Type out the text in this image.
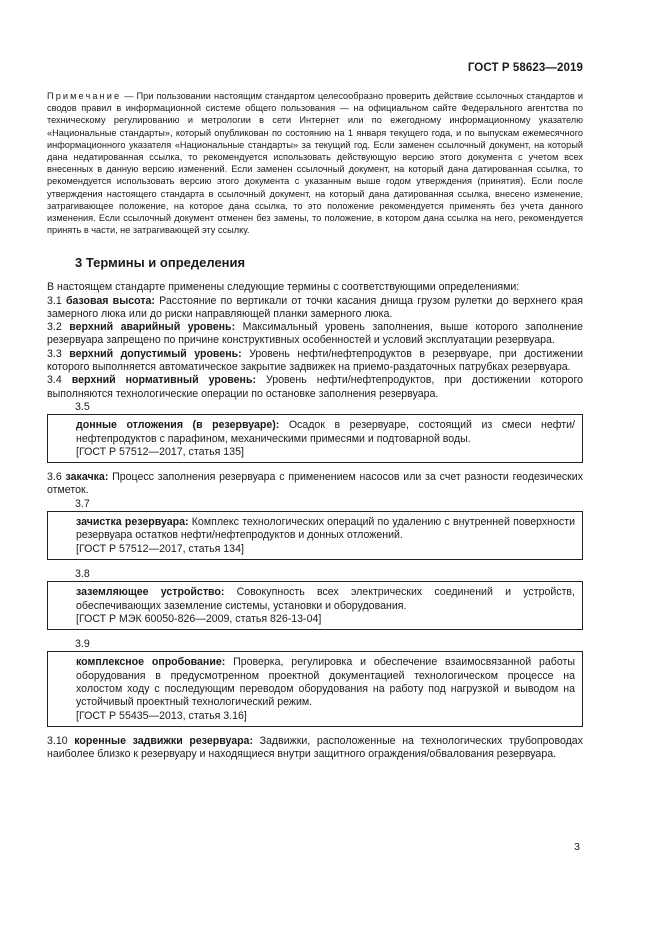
ГОСТ Р 58623—2019

Примечание — При пользовании настоящим стандартом целесообразно проверить действие ссылочных стандартов и сводов правил в информационной системе общего пользования — на официальном сайте Федерального агентства по техническому регулированию и метрологии в сети Интернет или по ежегодному информационному указателю «Национальные стандарты», который опубликован по состоянию на 1 января текущего года, и по выпускам ежемесячного информационного указателя «Национальные стандарты» за текущий год. Если заменен ссылочный документ, на который дана недатированная ссылка, то рекомендуется использовать действующую версию этого документа с учетом всех внесенных в данную версию изменений. Если заменен ссылочный документ, на который дана датированная ссылка, то рекомендуется использовать версию этого документа с указанным выше годом утверждения (принятия). Если после утверждения настоящего стандарта в ссылочный документ, на который дана датированная ссылка, внесено изменение, затрагивающее положение, на которое дана ссылка, то это положение рекомендуется применять без учета данного изменения. Если ссылочный документ отменен без замены, то положение, в котором дана ссылка на него, рекомендуется принять в части, не затрагивающей эту ссылку.

3 Термины и определения

В настоящем стандарте применены следующие термины с соответствующими определениями:

3.1 базовая высота: Расстояние по вертикали от точки касания днища грузом рулетки до верхнего края замерного люка или до риски направляющей планки замерного люка.

3.2 верхний аварийный уровень: Максимальный уровень заполнения, выше которого заполнение резервуара запрещено по причине конструктивных особенностей и условий эксплуатации резервуара.

3.3 верхний допустимый уровень: Уровень нефти/нефтепродуктов в резервуаре, при достижении которого выполняется автоматическое закрытие задвижек на приемо-раздаточных патрубках резервуара.

3.4 верхний нормативный уровень: Уровень нефти/нефтепродуктов, при достижении которого выполняются технологические операции по остановке заполнения резервуара.

3.5

донные отложения (в резервуаре): Осадок в резервуаре, состоящий из смеси нефти/нефтепродуктов с парафином, механическими примесями и подтоварной воды.

[ГОСТ Р 57512—2017, статья 135]

3.6 закачка: Процесс заполнения резервуара с применением насосов или за счет разности геодезических отметок.

3.7

зачистка резервуара: Комплекс технологических операций по удалению с внутренней поверхности резервуара остатков нефти/нефтепродуктов и донных отложений.

[ГОСТ Р 57512—2017, статья 134]

3.8

заземляющее устройство: Совокупность всех электрических соединений и устройств, обеспечивающих заземление системы, установки и оборудования.

[ГОСТ Р МЭК 60050-826—2009, статья 826-13-04]

3.9

комплексное опробование: Проверка, регулировка и обеспечение взаимосвязанной работы оборудования в предусмотренном проектной документацией технологическом процессе на холостом ходу с последующим переводом оборудования на работу под нагрузкой и выводом на устойчивый проектный технологический режим.

[ГОСТ Р 55435—2013, статья 3.16]

3.10 коренные задвижки резервуара: Задвижки, расположенные на технологических трубопроводах наиболее близко к резервуару и находящиеся внутри защитного ограждения/обвалования резервуара.

3
